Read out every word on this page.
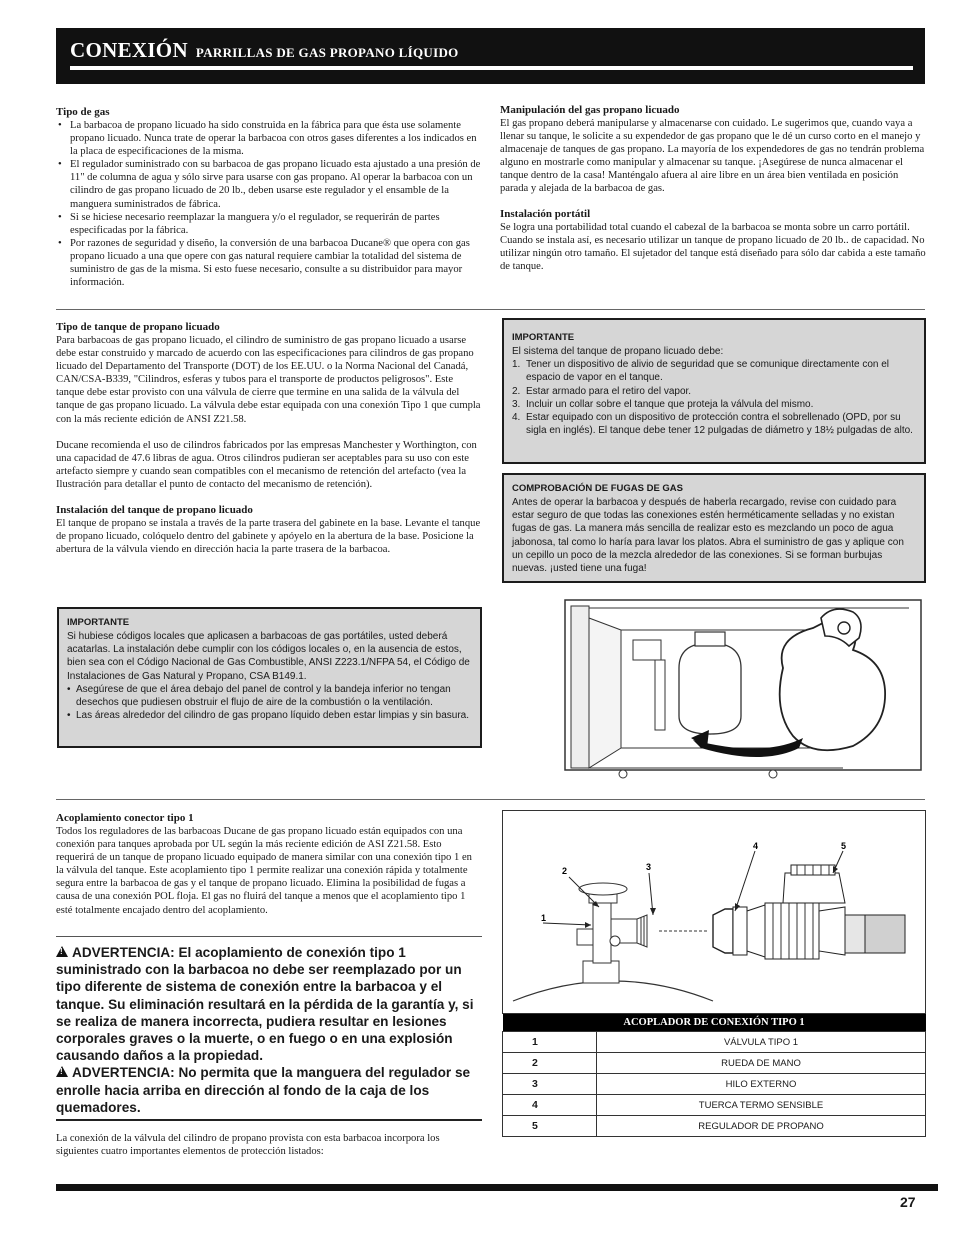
CONEXIÓN PARRILLAS DE GAS PROPANO LÍQUIDO
Tipo de gas
• La barbacoa de propano licuado ha sido construida en la fábrica para que ésta use solamente propano licuado. Nunca trate de operar la barbacoa con otros gases diferentes a los indicados en la placa de especificaciones de la misma.
• El regulador suministrado con su barbacoa de gas propano licuado esta ajustado a una presión de 11" de columna de agua y sólo sirve para usarse con gas propano. Al operar la barbacoa con un cilindro de gas propano licuado de 20 lb., deben usarse este regulador y el ensamble de la manguera suministrados de fábrica.
• Si se hiciese necesario reemplazar la manguera y/o el regulador, se requerirán de partes especificadas por la fábrica.
• Por razones de seguridad y diseño, la conversión de una barbacoa Ducane® que opera con gas propano licuado a una que opere con gas natural requiere cambiar la totalidad del sistema de suministro de gas de la misma. Si esto fuese necesario, consulte a su distribuidor para mayor información.
Manipulación del gas propano licuado

El gas propano deberá manipularse y almacenarse con cuidado. Le sugerimos que, cuando vaya a llenar su tanque, le solicite a su expendedor de gas propano que le dé un curso corto en el manejo y almacenaje de tanques de gas propano. La mayoría de los expendedores de gas no tendrán problema alguno en mostrarle como manipular y almacenar su tanque. ¡Asegúrese de nunca almacenar el tanque dentro de la casa! Manténgalo afuera al aire libre en un área bien ventilada en posición parada y alejada de la barbacoa de gas.

Instalación portátil

Se logra una portabilidad total cuando el cabezal de la barbacoa se monta sobre un carro portátil. Cuando se instala así, es necesario utilizar un tanque de propano licuado de 20 lb.. de capacidad. No utilizar ningún otro tamaño. El sujetador del tanque está diseñado para sólo dar cabida a este tamaño de tanque.

Tipo de tanque de propano licuado

Para barbacoas de gas propano licuado, el cilindro de suministro de gas propano licuado a usarse debe estar construido y marcado de acuerdo con las especificaciones para cilindros de gas propano licuado del Departamento del Transporte (DOT) de los EE.UU. o la Norma Nacional del Canadá, CAN/CSA-B339, "Cilindros, esferas y tubos para el transporte de productos peligrosos". Este tanque debe estar provisto con una válvula de cierre que termine en una salida de la válvula del tanque de gas propano licuado. La válvula debe estar equipada con una conexión Tipo 1 que cumpla con la más reciente edición de ANSI Z21.58.

Ducane recomienda el uso de cilindros fabricados por las empresas Manchester y Worthington, con una capacidad de 47.6 libras de agua. Otros cilindros pudieran ser aceptables para su uso con este artefacto siempre y cuando sean compatibles con el mecanismo de retención del artefacto (vea la Ilustración para detallar el punto de contacto del mecanismo de retención).

Instalación del tanque de propano licuado

El tanque de propano se instala a través de la parte trasera del gabinete en la base. Levante el tanque de propano licuado, colóquelo dentro del gabinete y apóyelo en la abertura de la base. Posicione la abertura de la válvula viendo en dirección hacia la parte trasera de la barbacoa.

IMPORTANTE

Si hubiese códigos locales que aplicasen a barbacoas de gas portátiles, usted deberá acatarlas. La instalación debe cumplir con los códigos locales o, en la ausencia de estos, bien sea con el Código Nacional de Gas Combustible, ANSI Z223.1/NFPA 54, el Código de Instalaciones de Gas Natural y Propano, CSA B149.1.

• Asegúrese de que el área debajo del panel de control y la bandeja inferior no tengan desechos que pudiesen obstruir el flujo de aire de la combustión o la ventilación.
• Las áreas alrededor del cilindro de gas propano líquido deben estar limpias y sin basura.
IMPORTANTE

El sistema del tanque de propano licuado debe:

1. Tener un dispositivo de alivio de seguridad que se comunique directamente con el espacio de vapor en el tanque.
2. Estar armado para el retiro del vapor.
3. Incluir un collar sobre el tanque que proteja la válvula del mismo.
4. Estar equipado con un dispositivo de protección contra el sobrellenado (OPD, por su sigla en inglés). El tanque debe tener 12 pulgadas de diámetro y 18½ pulgadas de alto.
COMPROBACIÓN DE FUGAS DE GAS

Antes de operar la barbacoa y después de haberla recargado, revise con cuidado para estar seguro de que todas las conexiones estén herméticamente selladas y no existan fugas de gas. La manera más sencilla de realizar esto es mezclando un poco de agua jabonosa, tal como lo haría para lavar los platos. Abra el suministro de gas y aplique con un cepillo un poco de la mezcla alrededor de las conexiones. Si se forman burbujas nuevas. ¡usted tiene una fuga!

Acoplamiento conector tipo 1

Todos los reguladores de las barbacoas Ducane de gas propano licuado están equipados con una conexión para tanques aprobada por UL según la más reciente edición de ASI Z21.58. Esto requerirá de un tanque de propano licuado equipado de manera similar con una conexión tipo 1 en la válvula del tanque. Este acoplamiento tipo 1 permite realizar una conexión rápida y totalmente segura entre la barbacoa de gas y el tanque de propano licuado. Elimina la posibilidad de fugas a causa de una conexión POL floja. El gas no fluirá del tanque a menos que el acoplamiento tipo 1 esté totalmente encajado dentro del acoplamiento.

!ADVERTENCIA: El acoplamiento de conexión tipo 1 suministrado con la barbacoa no debe ser reemplazado por un tipo diferente de sistema de conexión entre la barbacoa y el tanque. Su eliminación resultará en la pérdida de la garantía y, si se realiza de manera incorrecta, pudiera resultar en lesiones corporales graves o la muerte, o en fuego o en una explosión causando daños a la propiedad.
!ADVERTENCIA: No permita que la manguera del regulador se enrolle hacia arriba en dirección al fondo de la caja de los quemadores.

La conexión de la válvula del cilindro de propano provista con esta barbacoa incorpora los siguientes cuatro importantes elementos de protección listados:

1
2	3
4	5
ACOPLADOR DE CONEXIÓN TIPO 1	
1	VÁLVULA TIPO 1
2	RUEDA DE MANO
3	HILO EXTERNO
4	TUERCA TERMO SENSIBLE
5	REGULADOR DE PROPANO
27
